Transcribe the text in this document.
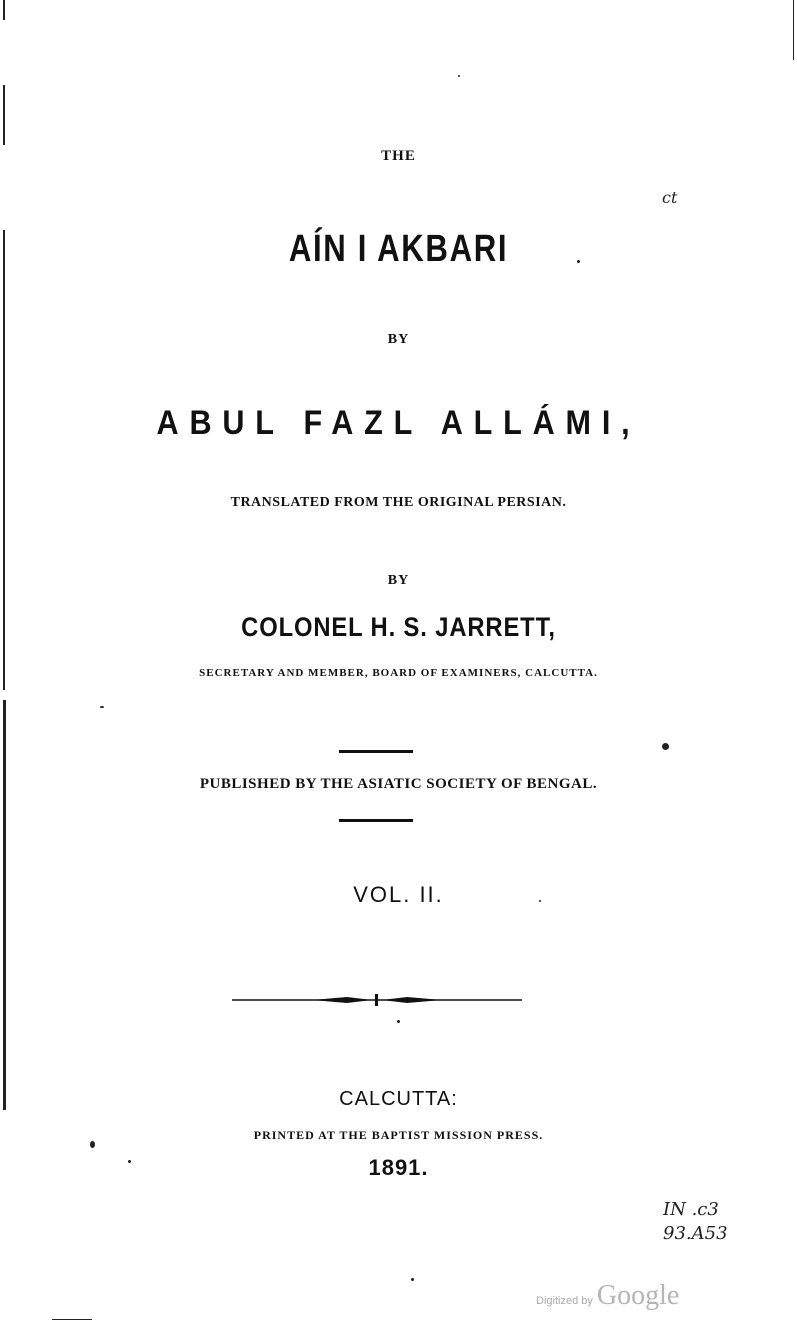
THE
AÍN I AKBARI
BY
ABUL FAZL ALLÁMI,
TRANSLATED FROM THE ORIGINAL PERSIAN.
BY
COLONEL H. S. JARRETT,
SECRETARY AND MEMBER, BOARD OF EXAMINERS, CALCUTTA.
PUBLISHED BY THE ASIATIC SOCIETY OF BENGAL.
VOL. II.
CALCUTTA:
PRINTED AT THE BAPTIST MISSION PRESS.
1891.
ct
IN .c3
93.A53
Digitized by Google
